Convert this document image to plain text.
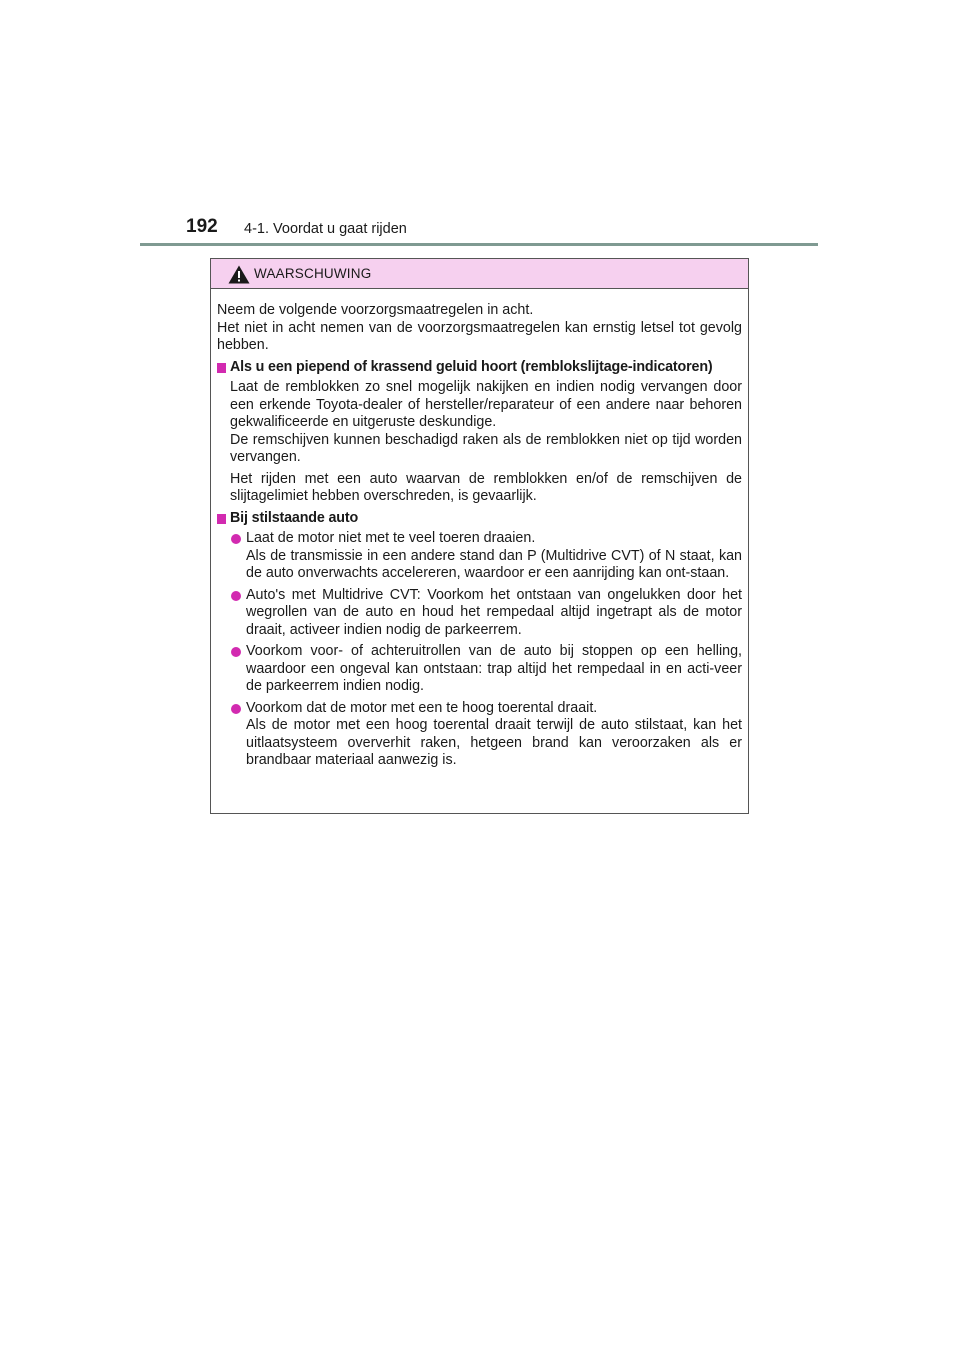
192 4-1. Voordat u gaat rijden
WAARSCHUWING

Neem de volgende voorzorgsmaatregelen in acht.

Het niet in acht nemen van de voorzorgsmaatregelen kan ernstig letsel tot gevolg hebben.

Als u een piepend of krassend geluid hoort (remblokslijtage-indicatoren)

Laat de remblokken zo snel mogelijk nakijken en indien nodig vervangen door een erkende Toyota-dealer of hersteller/reparateur of een andere naar behoren gekwalificeerde en uitgeruste deskundige.

De remschijven kunnen beschadigd raken als de remblokken niet op tijd worden vervangen.

Het rijden met een auto waarvan de remblokken en/of de remschijven de slijtagelimiet hebben overschreden, is gevaarlijk.

Bij stilstaande auto

Laat de motor niet met te veel toeren draaien.

Als de transmissie in een andere stand dan P (Multidrive CVT) of N staat, kan de auto onverwachts accelereren, waardoor er een aanrijding kan ont-staan.

Auto's met Multidrive CVT: Voorkom het ontstaan van ongelukken door het wegrollen van de auto en houd het rempedaal altijd ingetrapt als de motor draait, activeer indien nodig de parkeerrem.

Voorkom voor- of achteruitrollen van de auto bij stoppen op een helling, waardoor een ongeval kan ontstaan: trap altijd het rempedaal in en acti-veer de parkeerrem indien nodig.

Voorkom dat de motor met een te hoog toerental draait.

Als de motor met een hoog toerental draait terwijl de auto stilstaat, kan het uitlaatsysteem oververhit raken, hetgeen brand kan veroorzaken als er brandbaar materiaal aanwezig is.
